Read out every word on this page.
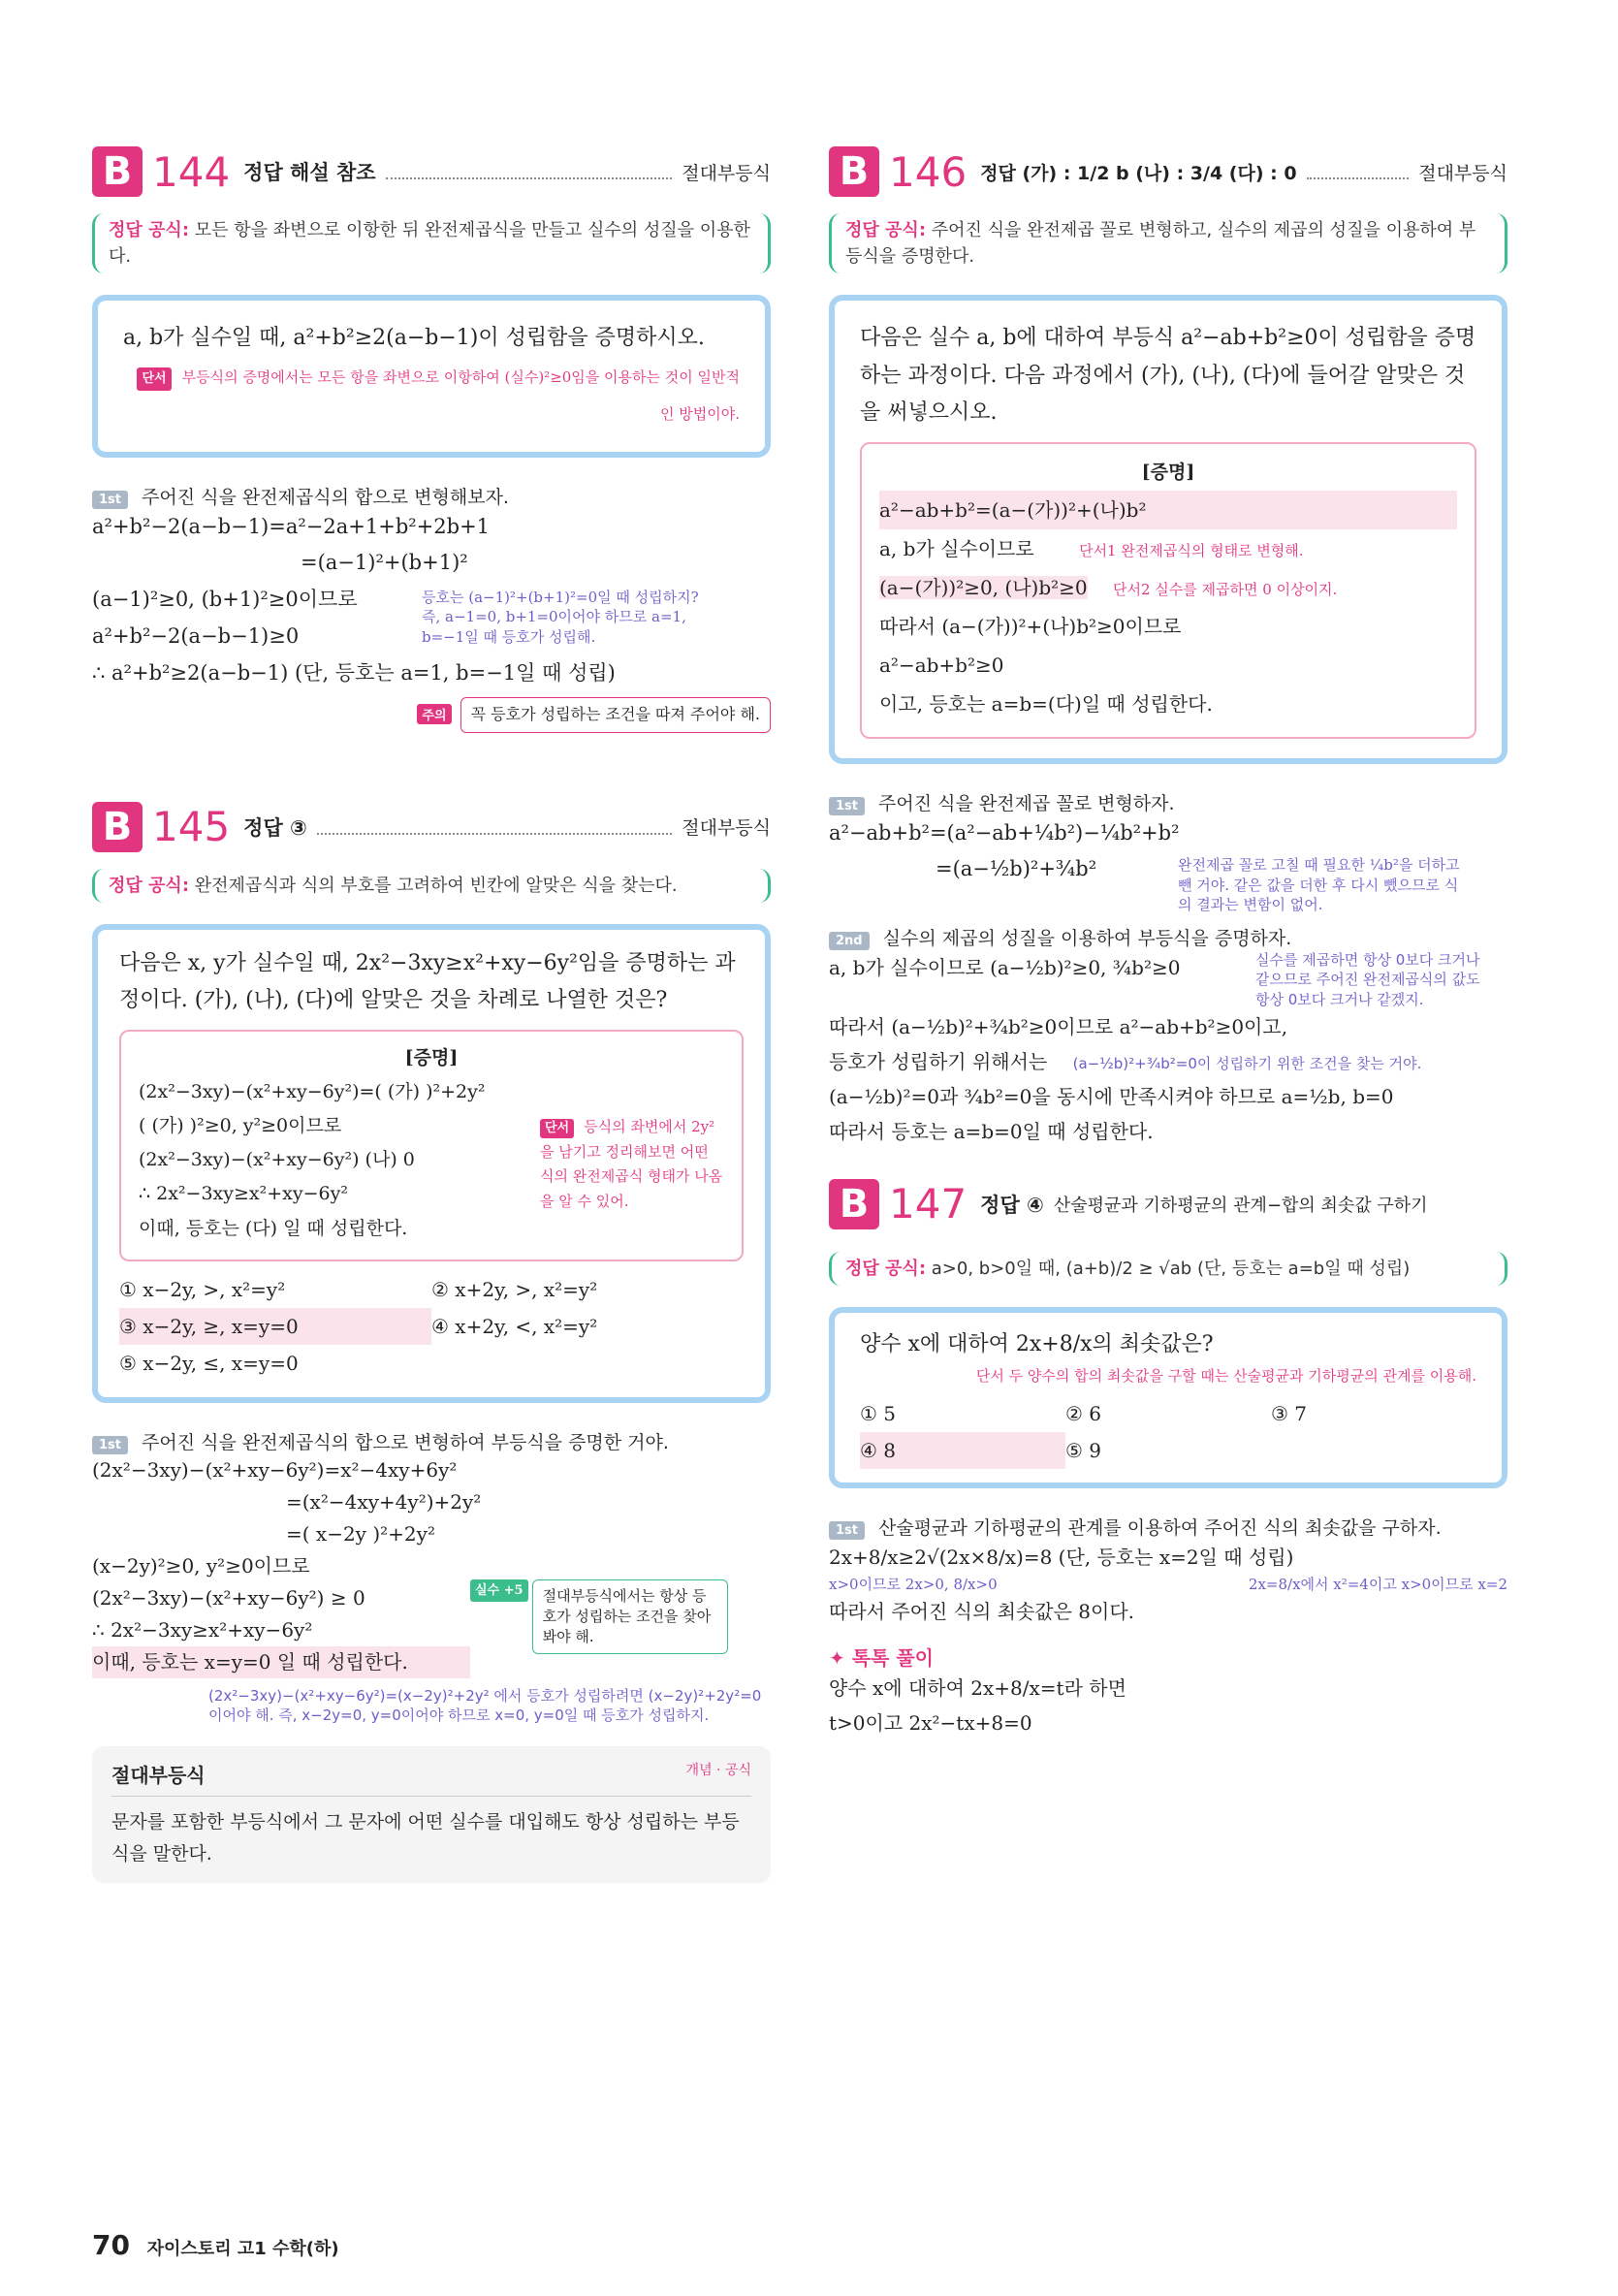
B 144 정답 해설 참조	절대부등식
정답 공식: 모든 항을 좌변으로 이항한 뒤 완전제곱식을 만들고 실수의 성질을 이용한다.
a, b가 실수일 때, a²+b²≥2(a−b−1)이 성립함을 증명하시오.
단서 부등식의 증명에서는 모든 항을 좌변으로 이항하여 (실수)²≥0임을 이용하는 것이 일반적인 방법이야.
1st 주어진 식을 완전제곱식의 합으로 변형해보자.
a²+b²−2(a−b−1)=a²−2a+1+b²+2b+1
=(a−1)²+(b+1)²
(a−1)²≥0, (b+1)²≥0이므로
a²+b²−2(a−b−1)≥0
등호는 (a−1)²+(b+1)²=0일 때 성립하지? 즉, a−1=0, b+1=0이어야 하므로 a=1, b=−1일 때 등호가 성립해.
∴ a²+b²≥2(a−b−1) (단, 등호는 a=1, b=−1일 때 성립)
주의 꼭 등호가 성립하는 조건을 따져 주어야 해.
B 145 정답 ③	절대부등식
정답 공식: 완전제곱식과 식의 부호를 고려하여 빈칸에 알맞은 식을 찾는다.
다음은 x, y가 실수일 때, 2x²−3xy≥x²+xy−6y²임을 증명하는 과정이다. (가), (나), (다)에 알맞은 것을 차례로 나열한 것은?
[증명]
(2x²−3xy)−(x²+xy−6y²)=( (가) )²+2y²
( (가) )²≥0, y²≥0이므로
(2x²−3xy)−(x²+xy−6y²) (나) 0
∴ 2x²−3xy≥x²+xy−6y²
이때, 등호는 (다) 일 때 성립한다.
단서 등식의 좌변에서 2y²을 남기고 정리해보면 어떤 식의 완전제곱식 형태가 나옴을 알 수 있어.
① x−2y, >, x²=y²	② x+2y, >, x²=y²
③ x−2y, ≥, x=y=0	④ x+2y, <, x²=y²
⑤ x−2y, ≤, x=y=0
1st 주어진 식을 완전제곱식의 합으로 변형하여 부등식을 증명한 거야.
(2x²−3xy)−(x²+xy−6y²)=x²−4xy+6y²
=(x²−4xy+4y²)+2y²
=( x−2y )²+2y²
(x−2y)²≥0, y²≥0이므로
(2x²−3xy)−(x²+xy−6y²) ≥ 0
∴ 2x²−3xy≥x²+xy−6y²
이때, 등호는 x=y=0 일 때 성립한다.
실수 +5	절대부등식에서는 항상 등호가 성립하는 조건을 찾아봐야 해.
(2x²−3xy)−(x²+xy−6y²)=(x−2y)²+2y² 에서 등호가 성립하려면 (x−2y)²+2y²=0이어야 해. 즉, x−2y=0, y=0이어야 하므로 x=0, y=0일 때 등호가 성립하지.
절대부등식	개념 · 공식
문자를 포함한 부등식에서 그 문자에 어떤 실수를 대입해도 항상 성립하는 부등식을 말한다.
B 146 정답 (가) : 1/2 b (나) : 3/4 (다) : 0	절대부등식
정답 공식: 주어진 식을 완전제곱 꼴로 변형하고, 실수의 제곱의 성질을 이용하여 부등식을 증명한다.
다음은 실수 a, b에 대하여 부등식 a²−ab+b²≥0이 성립함을 증명하는 과정이다. 다음 과정에서 (가), (나), (다)에 들어갈 알맞은 것을 써넣으시오.
[증명]
a²−ab+b²=(a−(가))²+(나)b²
a, b가 실수이므로	단서1 완전제곱식의 형태로 변형해.
(a−(가))²≥0, (나)b²≥0 단서2 실수를 제곱하면 0 이상이지.
따라서 (a−(가))²+(나)b²≥0이므로
a²−ab+b²≥0
이고, 등호는 a=b=(다)일 때 성립한다.
1st 주어진 식을 완전제곱 꼴로 변형하자.
a²−ab+b²=(a²−ab+¼b²)−¼b²+b²
=(a−½b)²+¾b²	완전제곱 꼴로 고칠 때 필요한 ¼b²을 더하고 뺀 거야. 같은 값을 더한 후 다시 뺐으므로 식의 결과는 변함이 없어.
2nd 실수의 제곱의 성질을 이용하여 부등식을 증명하자.
a, b가 실수이므로 (a−½b)²≥0, ¾b²≥0	실수를 제곱하면 항상 0보다 크거나 같으므로 주어진 완전제곱식의 값도 항상 0보다 크거나 같겠지.
따라서 (a−½b)²+¾b²≥0이므로 a²−ab+b²≥0이고,
등호가 성립하기 위해서는 (a−½b)²+¾b²=0이 성립하기 위한 조건을 찾는 거야.
(a−½b)²=0과 ¾b²=0을 동시에 만족시켜야 하므로 a=½b, b=0
따라서 등호는 a=b=0일 때 성립한다.
B 147 정답 ④ 산술평균과 기하평균의 관계−합의 최솟값 구하기
정답 공식: a>0, b>0일 때, (a+b)/2 ≥ √ab (단, 등호는 a=b일 때 성립)
양수 x에 대하여 2x+8/x의 최솟값은?
단서 두 양수의 합의 최솟값을 구할 때는 산술평균과 기하평균의 관계를 이용해.
① 5	② 6	③ 7
④ 8	⑤ 9
1st 산술평균과 기하평균의 관계를 이용하여 주어진 식의 최솟값을 구하자.
2x+8/x≥2√(2x×8/x)=8 (단, 등호는 x=2일 때 성립)
x>0이므로 2x>0, 8/x>0	2x=8/x에서 x²=4이고 x>0이므로 x=2
따라서 주어진 식의 최솟값은 8이다.
✦ 톡톡 풀이
양수 x에 대하여 2x+8/x=t라 하면
t>0이고 2x²−tx+8=0
70 자이스토리 고1 수학(하)
